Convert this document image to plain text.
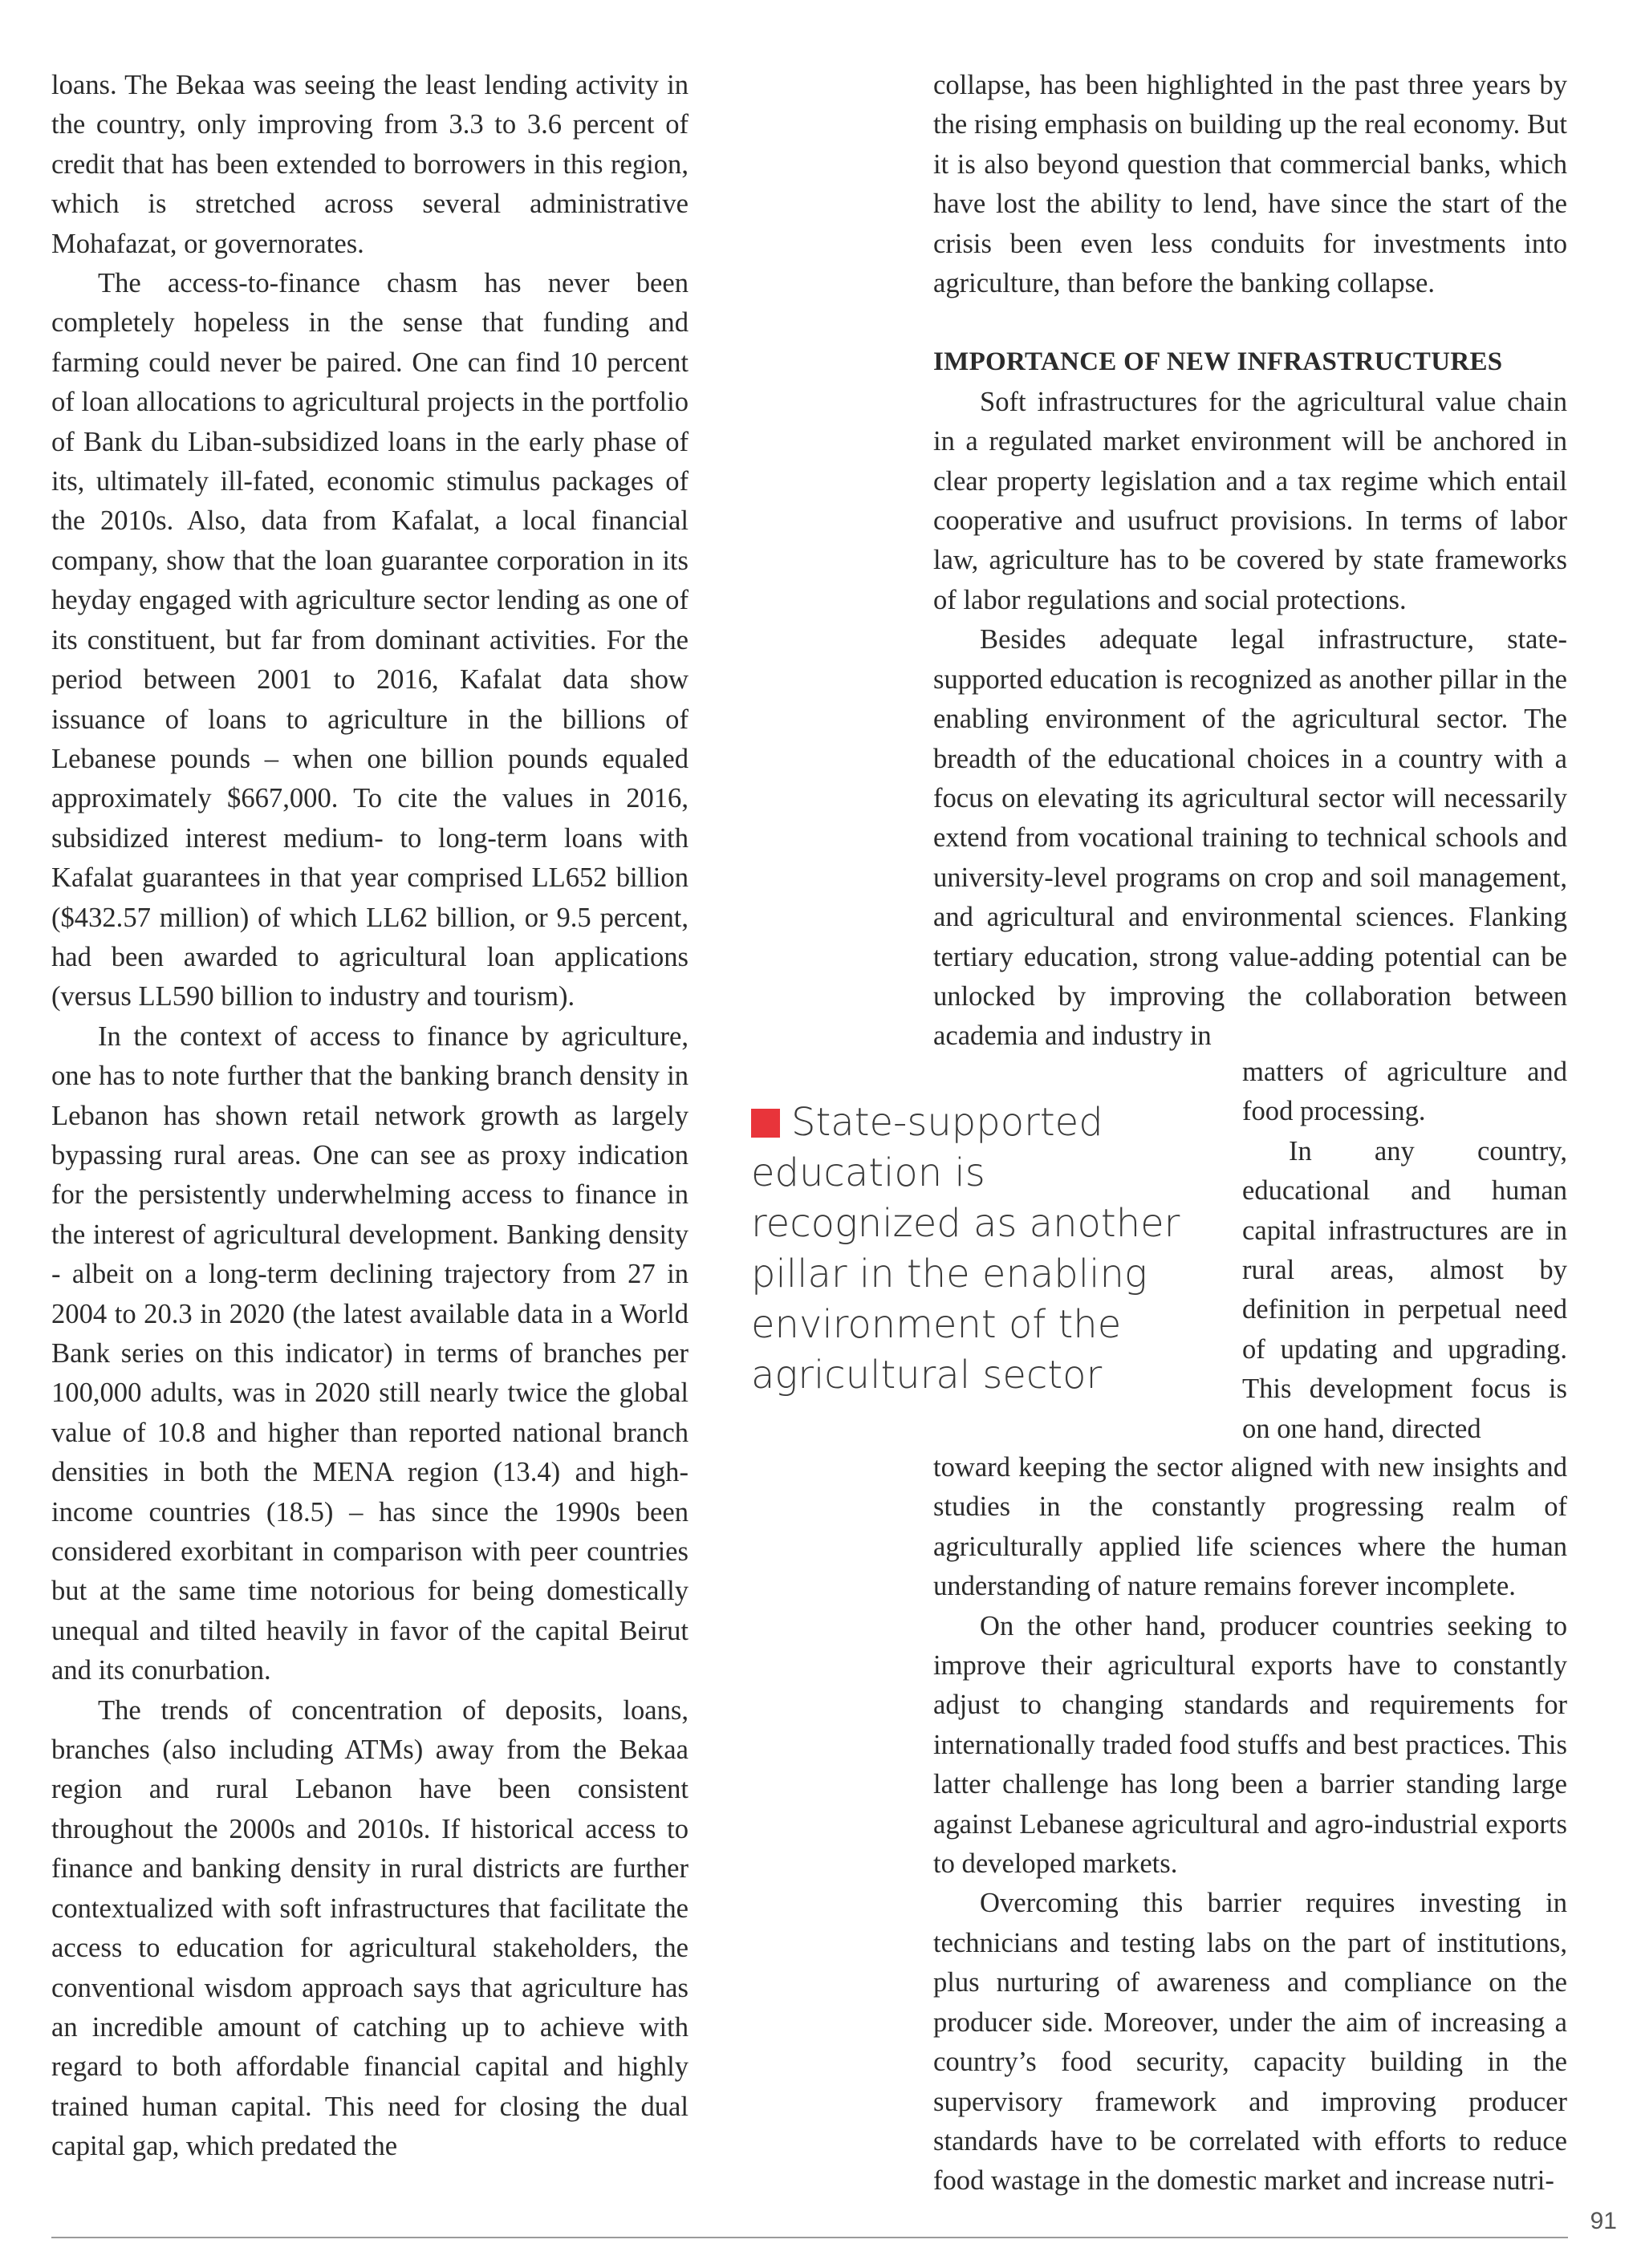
loans. The Bekaa was seeing the least lending activity in the country, only improving from 3.3 to 3.6 percent of credit that has been extended to borrowers in this region, which is stretched across several administrative Mohafazat, or governorates.

The access-to-finance chasm has never been completely hopeless in the sense that funding and farming could never be paired. One can find 10 percent of loan allocations to agricultural projects in the portfolio of Bank du Liban-subsidized loans in the early phase of its, ultimately ill-fated, economic stimulus packages of the 2010s. Also, data from Kafalat, a local financial company, show that the loan guarantee corporation in its heyday engaged with agriculture sector lending as one of its constituent, but far from dominant activities. For the period between 2001 to 2016, Kafalat data show issuance of loans to agriculture in the billions of Lebanese pounds – when one billion pounds equaled approximately $667,000. To cite the values in 2016, subsidized interest medium- to long-term loans with Kafalat guarantees in that year comprised LL652 billion ($432.57 million) of which LL62 billion, or 9.5 percent, had been awarded to agricultural loan applications (versus LL590 billion to industry and tourism).

In the context of access to finance by agriculture, one has to note further that the banking branch density in Lebanon has shown retail network growth as largely bypassing rural areas. One can see as proxy indication for the persistently underwhelming access to finance in the interest of agricultural development. Banking density - albeit on a long-term declining trajectory from 27 in 2004 to 20.3 in 2020 (the latest available data in a World Bank series on this indicator) in terms of branches per 100,000 adults, was in 2020 still nearly twice the global value of 10.8 and higher than reported national branch densities in both the MENA region (13.4) and high-income countries (18.5) – has since the 1990s been considered exorbitant in comparison with peer countries but at the same time notorious for being domestically unequal and tilted heavily in favor of the capital Beirut and its conurbation.

The trends of concentration of deposits, loans, branches (also including ATMs) away from the Bekaa region and rural Lebanon have been consistent throughout the 2000s and 2010s. If historical access to finance and banking density in rural districts are further contextualized with soft infrastructures that facilitate the access to education for agricultural stakeholders, the conventional wisdom approach says that agriculture has an incredible amount of catching up to achieve with regard to both affordable financial capital and highly trained human capital. This need for closing the dual capital gap, which predated the

collapse, has been highlighted in the past three years by the rising emphasis on building up the real economy. But it is also beyond question that commercial banks, which have lost the ability to lend, have since the start of the crisis been even less conduits for investments into agriculture, than before the banking collapse.

IMPORTANCE OF NEW INFRASTRUCTURES

Soft infrastructures for the agricultural value chain in a regulated market environment will be anchored in clear property legislation and a tax regime which entail cooperative and usufruct provisions. In terms of labor law, agriculture has to be covered by state frameworks of labor regulations and social protections.

Besides adequate legal infrastructure, state-supported education is recognized as another pillar in the enabling environment of the agricultural sector. The breadth of the educational choices in a country with a focus on elevating its agricultural sector will necessarily extend from vocational training to technical schools and university-level programs on crop and soil management, and agricultural and environmental sciences. Flanking tertiary education, strong value-adding potential can be unlocked by improving the collaboration between academia and industry in

matters of agriculture and food processing.

In any country, educational and human capital infrastructures are in rural areas, almost by definition in perpetual need of updating and upgrading. This development focus is on one hand, directed

toward keeping the sector aligned with new insights and studies in the constantly progressing realm of agriculturally applied life sciences where the human understanding of nature remains forever incomplete.

On the other hand, producer countries seeking to improve their agricultural exports have to constantly adjust to changing standards and requirements for internationally traded food stuffs and best practices. This latter challenge has long been a barrier standing large against Lebanese agricultural and agro-industrial exports to developed markets.

Overcoming this barrier requires investing in technicians and testing labs on the part of institutions, plus nurturing of awareness and compliance on the producer side. Moreover, under the aim of increasing a country’s food security, capacity building in the supervisory framework and improving producer standards have to be correlated with efforts to reduce food wastage in the domestic market and increase nutri-

State-supported education is recognized as another pillar in the enabling environment of the agricultural sector
91
